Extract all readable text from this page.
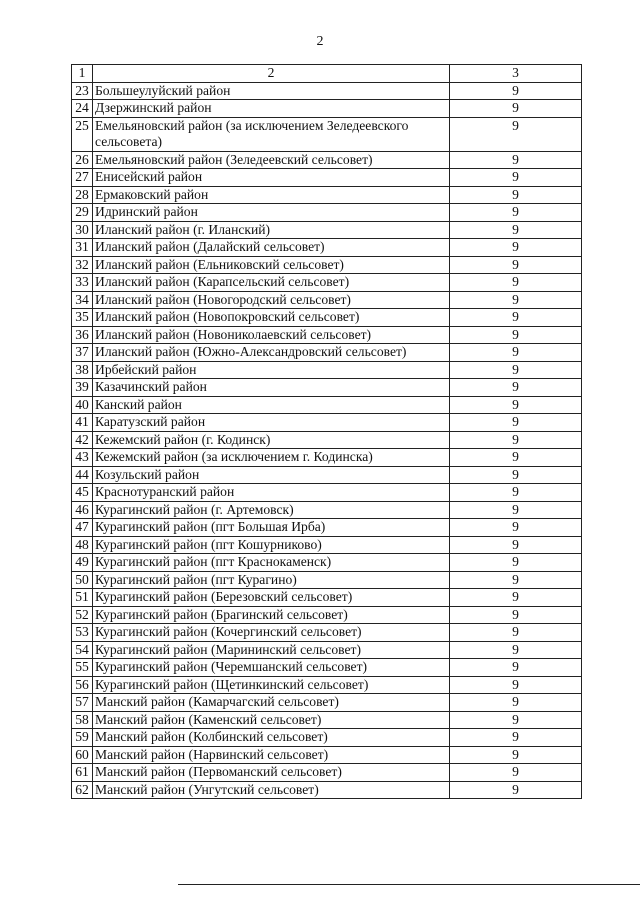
2
1	2	3
23	Большеулуйский район	9
24	Дзержинский район	9
25	Емельяновский район (за исключением Зеледеевского сельсовета)	9
26	Емельяновский район (Зеледеевский сельсовет)	9
27	Енисейский район	9
28	Ермаковский район	9
29	Идринский район	9
30	Иланский район (г. Иланский)	9
31	Иланский район (Далайский сельсовет)	9
32	Иланский район (Ельниковский сельсовет)	9
33	Иланский район (Карапсельский сельсовет)	9
34	Иланский район (Новогородский сельсовет)	9
35	Иланский район (Новопокровский сельсовет)	9
36	Иланский район (Новониколаевский сельсовет)	9
37	Иланский район (Южно-Александровский сельсовет)	9
38	Ирбейский район	9
39	Казачинский район	9
40	Канский район	9
41	Каратузский район	9
42	Кежемский район (г. Кодинск)	9
43	Кежемский район (за исключением г. Кодинска)	9
44	Козульский район	9
45	Краснотуранский район	9
46	Курагинский район (г. Артемовск)	9
47	Курагинский район (пгт Большая Ирба)	9
48	Курагинский район (пгт Кошурниково)	9
49	Курагинский район (пгт Краснокаменск)	9
50	Курагинский район (пгт Курагино)	9
51	Курагинский район (Березовский сельсовет)	9
52	Курагинский район (Брагинский сельсовет)	9
53	Курагинский район (Кочергинский сельсовет)	9
54	Курагинский район (Марининский сельсовет)	9
55	Курагинский район (Черемшанский сельсовет)	9
56	Курагинский район (Щетинкинский сельсовет)	9
57	Манский район (Камарчагский сельсовет)	9
58	Манский район (Каменский сельсовет)	9
59	Манский район (Колбинский сельсовет)	9
60	Манский район (Нарвинский сельсовет)	9
61	Манский район (Первоманский сельсовет)	9
62	Манский район (Унгутский сельсовет)	9
